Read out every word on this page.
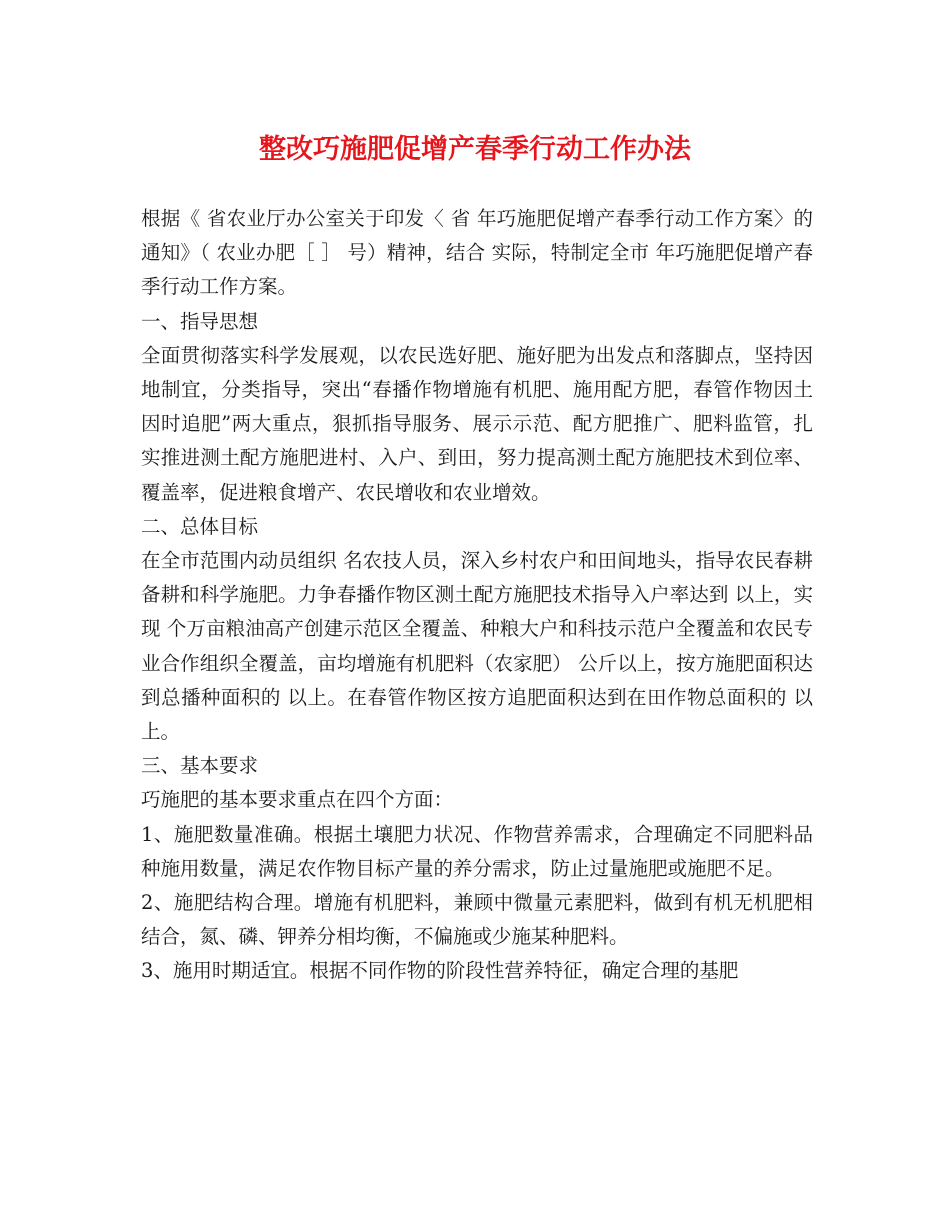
整改巧施肥促增产春季行动工作办法

根据《 省农业厅办公室关于印发〈 省 年巧施肥促增产春季行动工作方案〉的通知》（ 农业办肥［ ］ 号）精神，结合 实际，特制定全市 年巧施肥促增产春季行动工作方案。

一、指导思想

全面贯彻落实科学发展观，以农民选好肥、施好肥为出发点和落脚点，坚持因地制宜，分类指导，突出“春播作物增施有机肥、施用配方肥，春管作物因土因时追肥”两大重点，狠抓指导服务、展示示范、配方肥推广、肥料监管，扎实推进测土配方施肥进村、入户、到田，努力提高测土配方施肥技术到位率、覆盖率，促进粮食增产、农民增收和农业增效。

二、总体目标

在全市范围内动员组织 名农技人员，深入乡村农户和田间地头，指导农民春耕备耕和科学施肥。力争春播作物区测土配方施肥技术指导入户率达到 以上，实现 个万亩粮油高产创建示范区全覆盖、种粮大户和科技示范户全覆盖和农民专业合作组织全覆盖，亩均增施有机肥料（农家肥） 公斤以上，按方施肥面积达到总播种面积的 以上。在春管作物区按方追肥面积达到在田作物总面积的 以上。

三、基本要求

巧施肥的基本要求重点在四个方面：

1、施肥数量准确。根据土壤肥力状况、作物营养需求，合理确定不同肥料品种施用数量，满足农作物目标产量的养分需求，防止过量施肥或施肥不足。

2、施肥结构合理。增施有机肥料，兼顾中微量元素肥料，做到有机无机肥相结合，氮、磷、钾养分相均衡，不偏施或少施某种肥料。

3、施用时期适宜。根据不同作物的阶段性营养特征，确定合理的基肥
